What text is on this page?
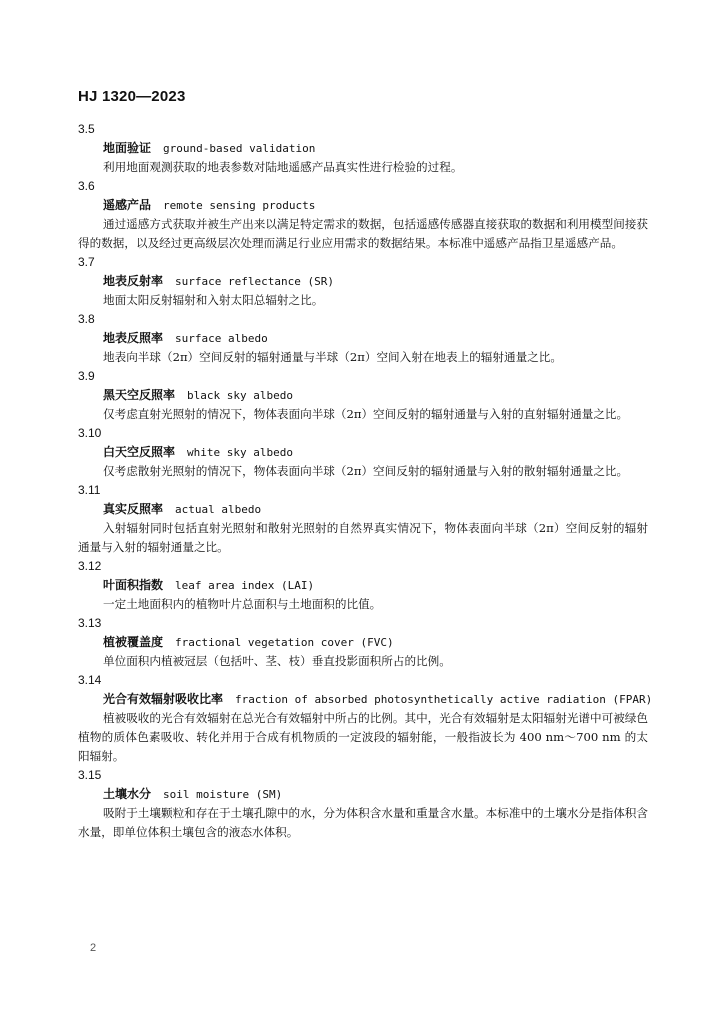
HJ 1320—2023
3.5
地面验证 ground-based validation

利用地面观测获取的地表参数对陆地遥感产品真实性进行检验的过程。

3.6
遥感产品 remote sensing products

通过遥感方式获取并被生产出来以满足特定需求的数据，包括遥感传感器直接获取的数据和利用模型间接获得的数据，以及经过更高级层次处理而满足行业应用需求的数据结果。本标准中遥感产品指卫星遥感产品。

3.7
地表反射率 surface reflectance (SR)

地面太阳反射辐射和入射太阳总辐射之比。

3.8
地表反照率 surface albedo

地表向半球（2π）空间反射的辐射通量与半球（2π）空间入射在地表上的辐射通量之比。

3.9
黑天空反照率 black sky albedo

仅考虑直射光照射的情况下，物体表面向半球（2π）空间反射的辐射通量与入射的直射辐射通量之比。

3.10
白天空反照率 white sky albedo

仅考虑散射光照射的情况下，物体表面向半球（2π）空间反射的辐射通量与入射的散射辐射通量之比。

3.11
真实反照率 actual albedo

入射辐射同时包括直射光照射和散射光照射的自然界真实情况下，物体表面向半球（2π）空间反射的辐射通量与入射的辐射通量之比。

3.12
叶面积指数 leaf area index (LAI)

一定土地面积内的植物叶片总面积与土地面积的比值。

3.13
植被覆盖度 fractional vegetation cover (FVC)

单位面积内植被冠层（包括叶、茎、枝）垂直投影面积所占的比例。

3.14
光合有效辐射吸收比率 fraction of absorbed photosynthetically active radiation (FPAR)

植被吸收的光合有效辐射在总光合有效辐射中所占的比例。其中，光合有效辐射是太阳辐射光谱中可被绿色植物的质体色素吸收、转化并用于合成有机物质的一定波段的辐射能，一般指波长为 400 nm～700 nm 的太阳辐射。

3.15
土壤水分 soil moisture (SM)

吸附于土壤颗粒和存在于土壤孔隙中的水，分为体积含水量和重量含水量。本标准中的土壤水分是指体积含水量，即单位体积土壤包含的液态水体积。

2
